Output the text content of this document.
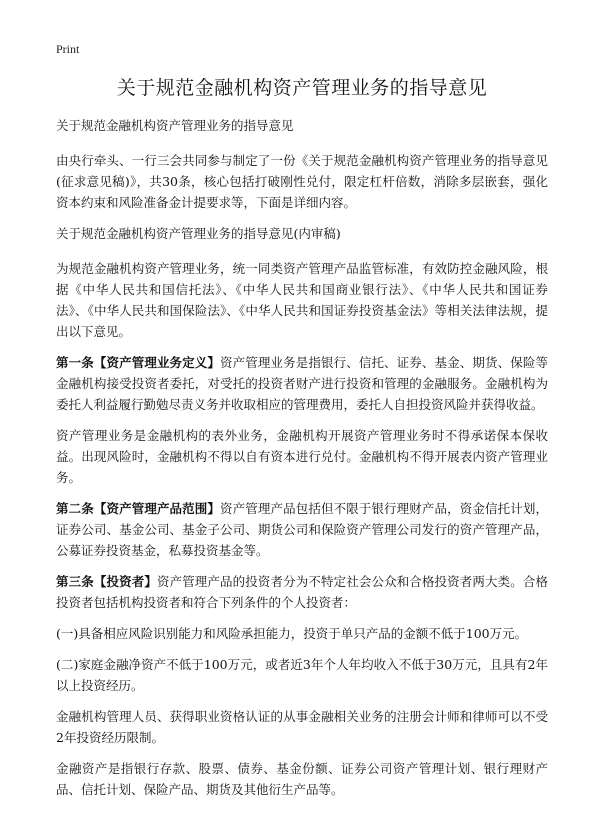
Print
关于规范金融机构资产管理业务的指导意见

关于规范金融机构资产管理业务的指导意见

由央行牵头、一行三会共同参与制定了一份《关于规范金融机构资产管理业务的指导意见(征求意见稿)》，共30条，核心包括打破刚性兑付，限定杠杆倍数，消除多层嵌套，强化资本约束和风险准备金计提要求等，下面是详细内容。

关于规范金融机构资产管理业务的指导意见(内审稿)

为规范金融机构资产管理业务，统一同类资产管理产品监管标准，有效防控金融风险，根据《中华人民共和国信托法》、《中华人民共和国商业银行法》、《中华人民共和国证券法》、《中华人民共和国保险法》、《中华人民共和国证券投资基金法》等相关法律法规，提出以下意见。

第一条【资产管理业务定义】资产管理业务是指银行、信托、证券、基金、期货、保险等金融机构接受投资者委托，对受托的投资者财产进行投资和管理的金融服务。金融机构为委托人利益履行勤勉尽责义务并收取相应的管理费用，委托人自担投资风险并获得收益。

资产管理业务是金融机构的表外业务，金融机构开展资产管理业务时不得承诺保本保收益。出现风险时，金融机构不得以自有资本进行兑付。金融机构不得开展表内资产管理业务。

第二条【资产管理产品范围】资产管理产品包括但不限于银行理财产品，资金信托计划，证券公司、基金公司、基金子公司、期货公司和保险资产管理公司发行的资产管理产品，公募证券投资基金，私募投资基金等。

第三条【投资者】资产管理产品的投资者分为不特定社会公众和合格投资者两大类。合格投资者包括机构投资者和符合下列条件的个人投资者：

(一)具备相应风险识别能力和风险承担能力，投资于单只产品的金额不低于100万元。

(二)家庭金融净资产不低于100万元，或者近3年个人年均收入不低于30万元，且具有2年以上投资经历。

金融机构管理人员、获得职业资格认证的从事金融相关业务的注册会计师和律师可以不受2年投资经历限制。

金融资产是指银行存款、股票、债券、基金份额、证券公司资产管理计划、银行理财产品、信托计划、保险产品、期货及其他衍生产品等。
